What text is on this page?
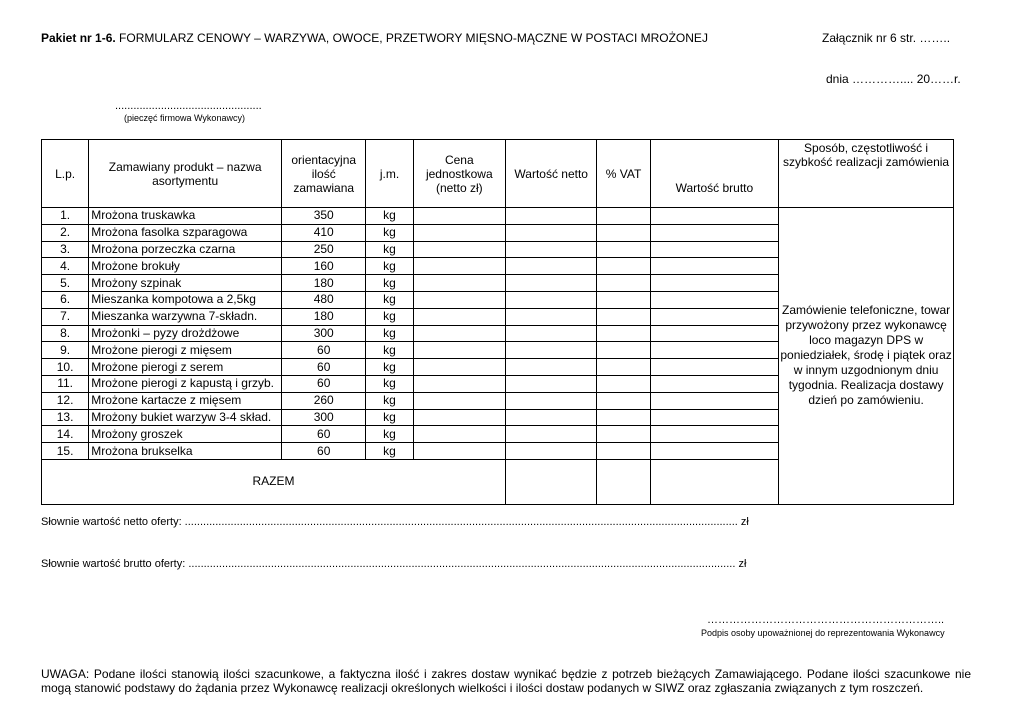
Pakiet nr 1-6. FORMULARZ CENOWY – WARZYWA, OWOCE, PRZETWORY MIĘSNO-MĄCZNE W POSTACI MROŻONEJ	Załącznik nr 6 str. ……..
dnia ………….... 20……r.
................................................
(pieczęć firmowa Wykonawcy)
L.p.	Zamawiany produkt – nazwa asortymentu	orientacyjna ilość zamawiana	j.m.	Cena jednostkowa (netto zł)	Wartość netto	% VAT	Wartość brutto	Sposób, częstotliwość i szybkość realizacji zamówienia
1.	Mrożona truskawka	350	kg					Zamówienie telefoniczne, towar przywożony przez wykonawcę loco magazyn DPS w poniedziałek, środę i piątek oraz w innym uzgodnionym dniu tygodnia. Realizacja dostawy dzień po zamówieniu.
2.	Mrożona fasolka szparagowa	410	kg					
3.	Mrożona porzeczka czarna	250	kg					
4.	Mrożone brokuły	160	kg					
5.	Mrożony szpinak	180	kg					
6.	Mieszanka kompotowa a 2,5kg	480	kg					
7.	Mieszanka warzywna 7-składn.	180	kg					
8.	Mrożonki – pyzy drożdżowe	300	kg					
9.	Mrożone pierogi z mięsem	60	kg					
10.	Mrożone pierogi z serem	60	kg					
11.	Mrożone pierogi z kapustą i grzyb.	60	kg					
12.	Mrożone kartacze z mięsem	260	kg					
13.	Mrożony bukiet warzyw 3-4 skład.	300	kg					
14.	Mrożony groszek	60	kg					
15.	Mrożona brukselka	60	kg					
RAZEM								
Słownie wartość netto oferty: ..................................................................................................................................................................................... zł
Słownie wartość brutto oferty: ................................................................................................................................................................................... zł
………………………………………………………..
Podpis osoby upoważnionej do reprezentowania Wykonawcy
UWAGA: Podane ilości stanowią ilości szacunkowe, a faktyczna ilość i zakres dostaw wynikać będzie z potrzeb bieżących Zamawiającego. Podane ilości szacunkowe nie mogą stanowić podstawy do żądania przez Wykonawcę realizacji określonych wielkości i ilości dostaw podanych w SIWZ oraz zgłaszania związanych z tym roszczeń.
